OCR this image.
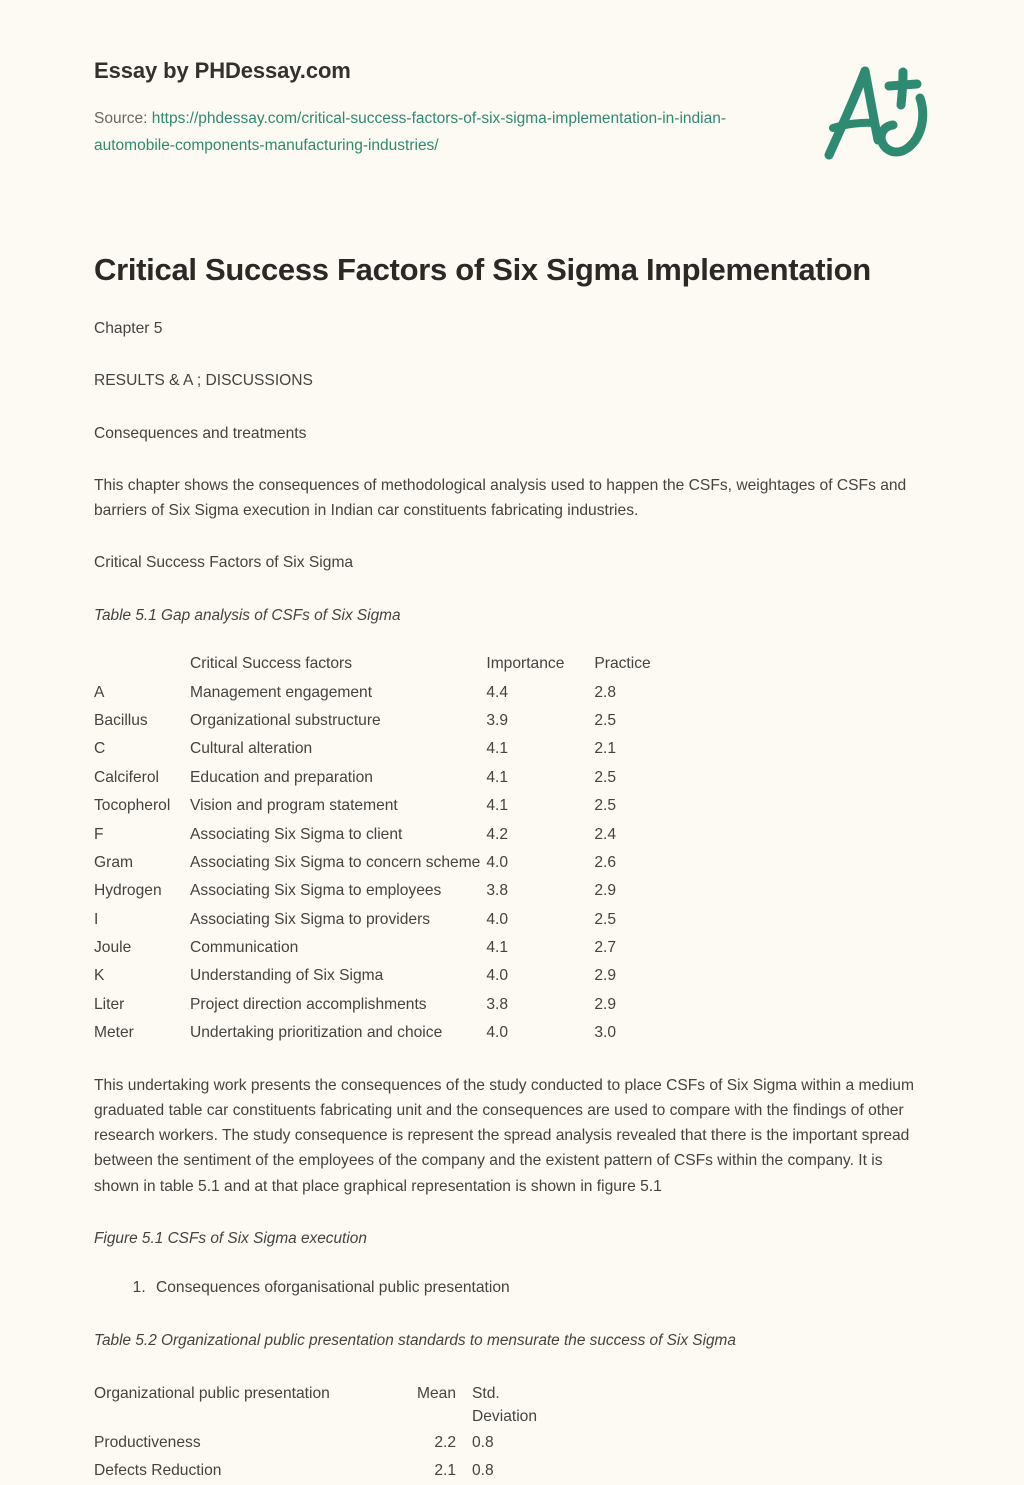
Essay by PHDessay.com

Source: https://phdessay.com/critical-success-factors-of-six-sigma-implementation-in-indian-automobile-components-manufacturing-industries/

Critical Success Factors of Six Sigma Implementation

Chapter 5

RESULTS & A ; DISCUSSIONS

Consequences and treatments

This chapter shows the consequences of methodological analysis used to happen the CSFs, weightages of CSFs and barriers of Six Sigma execution in Indian car constituents fabricating industries.

Critical Success Factors of Six Sigma

Table 5.1 Gap analysis of CSFs of Six Sigma

	Critical Success factors	Importance	Practice
A	Management engagement	4.4	2.8
Bacillus	Organizational substructure	3.9	2.5
C	Cultural alteration	4.1	2.1
Calciferol	Education and preparation	4.1	2.5
Tocopherol	Vision and program statement	4.1	2.5
F	Associating Six Sigma to client	4.2	2.4
Gram	Associating Six Sigma to concern scheme	4.0	2.6
Hydrogen	Associating Six Sigma to employees	3.8	2.9
I	Associating Six Sigma to providers	4.0	2.5
Joule	Communication	4.1	2.7
K	Understanding of Six Sigma	4.0	2.9
Liter	Project direction accomplishments	3.8	2.9
Meter	Undertaking prioritization and choice	4.0	3.0

This undertaking work presents the consequences of the study conducted to place CSFs of Six Sigma within a medium graduated table car constituents fabricating unit and the consequences are used to compare with the findings of other research workers. The study consequence is represent the spread analysis revealed that there is the important spread between the sentiment of the employees of the company and the existent pattern of CSFs within the company. It is shown in table 5.1 and at that place graphical representation is shown in figure 5.1

Figure 5.1 CSFs of Six Sigma execution

1. Consequences oforganisational public presentation

Table 5.2 Organizational public presentation standards to mensurate the success of Six Sigma

Organizational public presentation	Mean	Std.
Deviation
Productiveness	2.2	0.8
Defects Reduction	2.1	0.8
